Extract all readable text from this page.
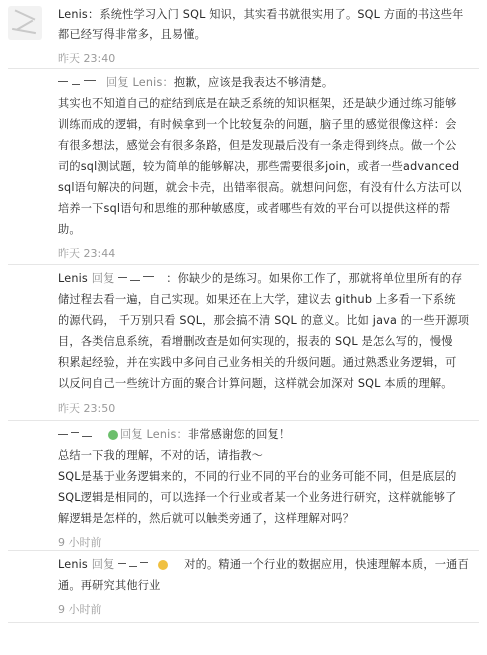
Lenis：系统性学习入门 SQL 知识，其实看书就很实用了。SQL 方面的书这些年
都已经写得非常多，且易懂。
昨天 23:40
回复 Lenis：抱歉，应该是我表达不够清楚。
其实也不知道自己的症结到底是在缺乏系统的知识框架，还是缺少通过练习能够
训练而成的逻辑，有时候拿到一个比较复杂的问题，脑子里的感觉很像这样：会
有很多想法，感觉会有很多条路，但是发现最后没有一条走得到终点。做一个公
司的sql测试题，较为简单的能够解决，那些需要很多join，或者一些advanced
sql语句解决的问题，就会卡壳，出错率很高。就想问问您，有没有什么方法可以
培养一下sql语句和思维的那种敏感度，或者哪些有效的平台可以提供这样的帮
助。
昨天 23:44
Lenis 回复	：你缺少的是练习。如果你工作了，那就将单位里所有的存
储过程去看一遍，自己实现。如果还在上大学，建议去 github 上多看一下系统
的源代码， 千万别只看 SQL，那会搞不清 SQL 的意义。比如 java 的一些开源项
目，各类信息系统，看增删改查是如何实现的，报表的 SQL 是怎么写的，慢慢
积累起经验，并在实践中多问自己业务相关的升级问题。通过熟悉业务逻辑，可
以反问自己一些统计方面的聚合计算问题，这样就会加深对 SQL 本质的理解。
昨天 23:50
回复 Lenis：非常感谢您的回复！
总结一下我的理解，不对的话，请指教～
SQL是基于业务逻辑来的，不同的行业不同的平台的业务可能不同，但是底层的
SQL逻辑是相同的，可以选择一个行业或者某一个业务进行研究，这样就能够了
解逻辑是怎样的，然后就可以触类旁通了，这样理解对吗？
9 小时前
Lenis 回复	对的。精通一个行业的数据应用，快速理解本质，一通百
通。再研究其他行业
9 小时前
